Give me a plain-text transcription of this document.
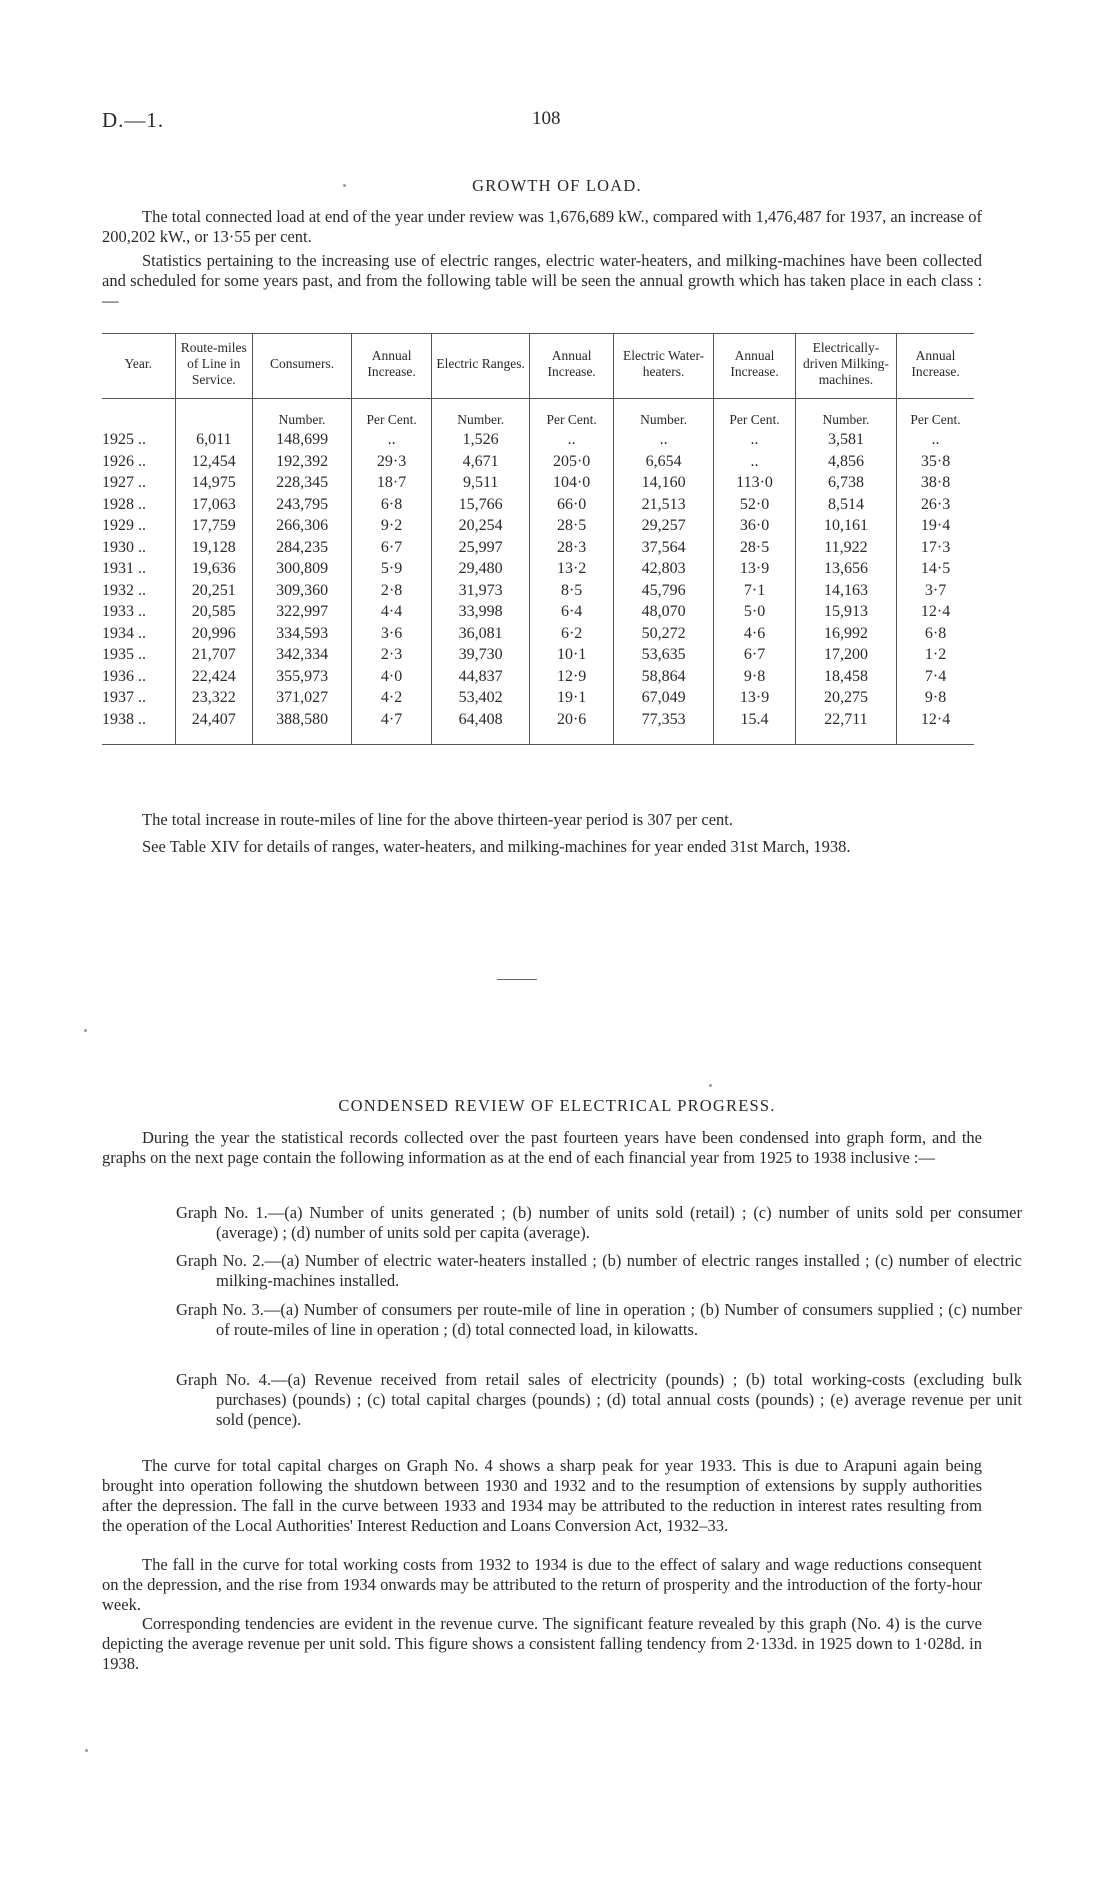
D.—1.	108
GROWTH OF LOAD.

The total connected load at end of the year under review was 1,676,689 kW., compared with 1,476,487 for 1937, an increase of 200,202 kW., or 13·55 per cent.

Statistics pertaining to the increasing use of electric ranges, electric water-heaters, and milking-machines have been collected and scheduled for some years past, and from the following table will be seen the annual growth which has taken place in each class :—

Year.	Route-miles of Line in Service.	Consumers.	Annual Increase.	Electric Ranges.	Annual Increase.	Electric Water-heaters.	Annual Increase.	Electrically-driven Milking-machines.	Annual Increase.
		Number.	Per Cent.	Number.	Per Cent.	Number.	Per Cent.	Number.	Per Cent.
1925 ..	6,011	148,699	..	1,526	..	..	..	3,581	..
1926 ..	12,454	192,392	29·3	4,671	205·0	6,654	..	4,856	35·8
1927 ..	14,975	228,345	18·7	9,511	104·0	14,160	113·0	6,738	38·8
1928 ..	17,063	243,795	6·8	15,766	66·0	21,513	52·0	8,514	26·3
1929 ..	17,759	266,306	9·2	20,254	28·5	29,257	36·0	10,161	19·4
1930 ..	19,128	284,235	6·7	25,997	28·3	37,564	28·5	11,922	17·3
1931 ..	19,636	300,809	5·9	29,480	13·2	42,803	13·9	13,656	14·5
1932 ..	20,251	309,360	2·8	31,973	8·5	45,796	7·1	14,163	3·7
1933 ..	20,585	322,997	4·4	33,998	6·4	48,070	5·0	15,913	12·4
1934 ..	20,996	334,593	3·6	36,081	6·2	50,272	4·6	16,992	6·8
1935 ..	21,707	342,334	2·3	39,730	10·1	53,635	6·7	17,200	1·2
1936 ..	22,424	355,973	4·0	44,837	12·9	58,864	9·8	18,458	7·4
1937 ..	23,322	371,027	4·2	53,402	19·1	67,049	13·9	20,275	9·8
1938 ..	24,407	388,580	4·7	64,408	20·6	77,353	15.4	22,711	12·4

The total increase in route-miles of line for the above thirteen-year period is 307 per cent.

See Table XIV for details of ranges, water-heaters, and milking-machines for year ended 31st March, 1938.

CONDENSED REVIEW OF ELECTRICAL PROGRESS.

During the year the statistical records collected over the past fourteen years have been condensed into graph form, and the graphs on the next page contain the following information as at the end of each financial year from 1925 to 1938 inclusive :—

Graph No. 1.—(a) Number of units generated ; (b) number of units sold (retail) ; (c) number of units sold per consumer (average) ; (d) number of units sold per capita (average).

Graph No. 2.—(a) Number of electric water-heaters installed ; (b) number of electric ranges installed ; (c) number of electric milking-machines installed.

Graph No. 3.—(a) Number of consumers per route-mile of line in operation ; (b) Number of consumers supplied ; (c) number of route-miles of line in operation ; (d) total connected load, in kilowatts.

Graph No. 4.—(a) Revenue received from retail sales of electricity (pounds) ; (b) total working-costs (excluding bulk purchases) (pounds) ; (c) total capital charges (pounds) ; (d) total annual costs (pounds) ; (e) average revenue per unit sold (pence).

The curve for total capital charges on Graph No. 4 shows a sharp peak for year 1933. This is due to Arapuni again being brought into operation following the shutdown between 1930 and 1932 and to the resumption of extensions by supply authorities after the depression. The fall in the curve between 1933 and 1934 may be attributed to the reduction in interest rates resulting from the operation of the Local Authorities' Interest Reduction and Loans Conversion Act, 1932–33.

The fall in the curve for total working costs from 1932 to 1934 is due to the effect of salary and wage reductions consequent on the depression, and the rise from 1934 onwards may be attributed to the return of prosperity and the introduction of the forty-hour week.

Corresponding tendencies are evident in the revenue curve. The significant feature revealed by this graph (No. 4) is the curve depicting the average revenue per unit sold. This figure shows a consistent falling tendency from 2·133d. in 1925 down to 1·028d. in 1938.
